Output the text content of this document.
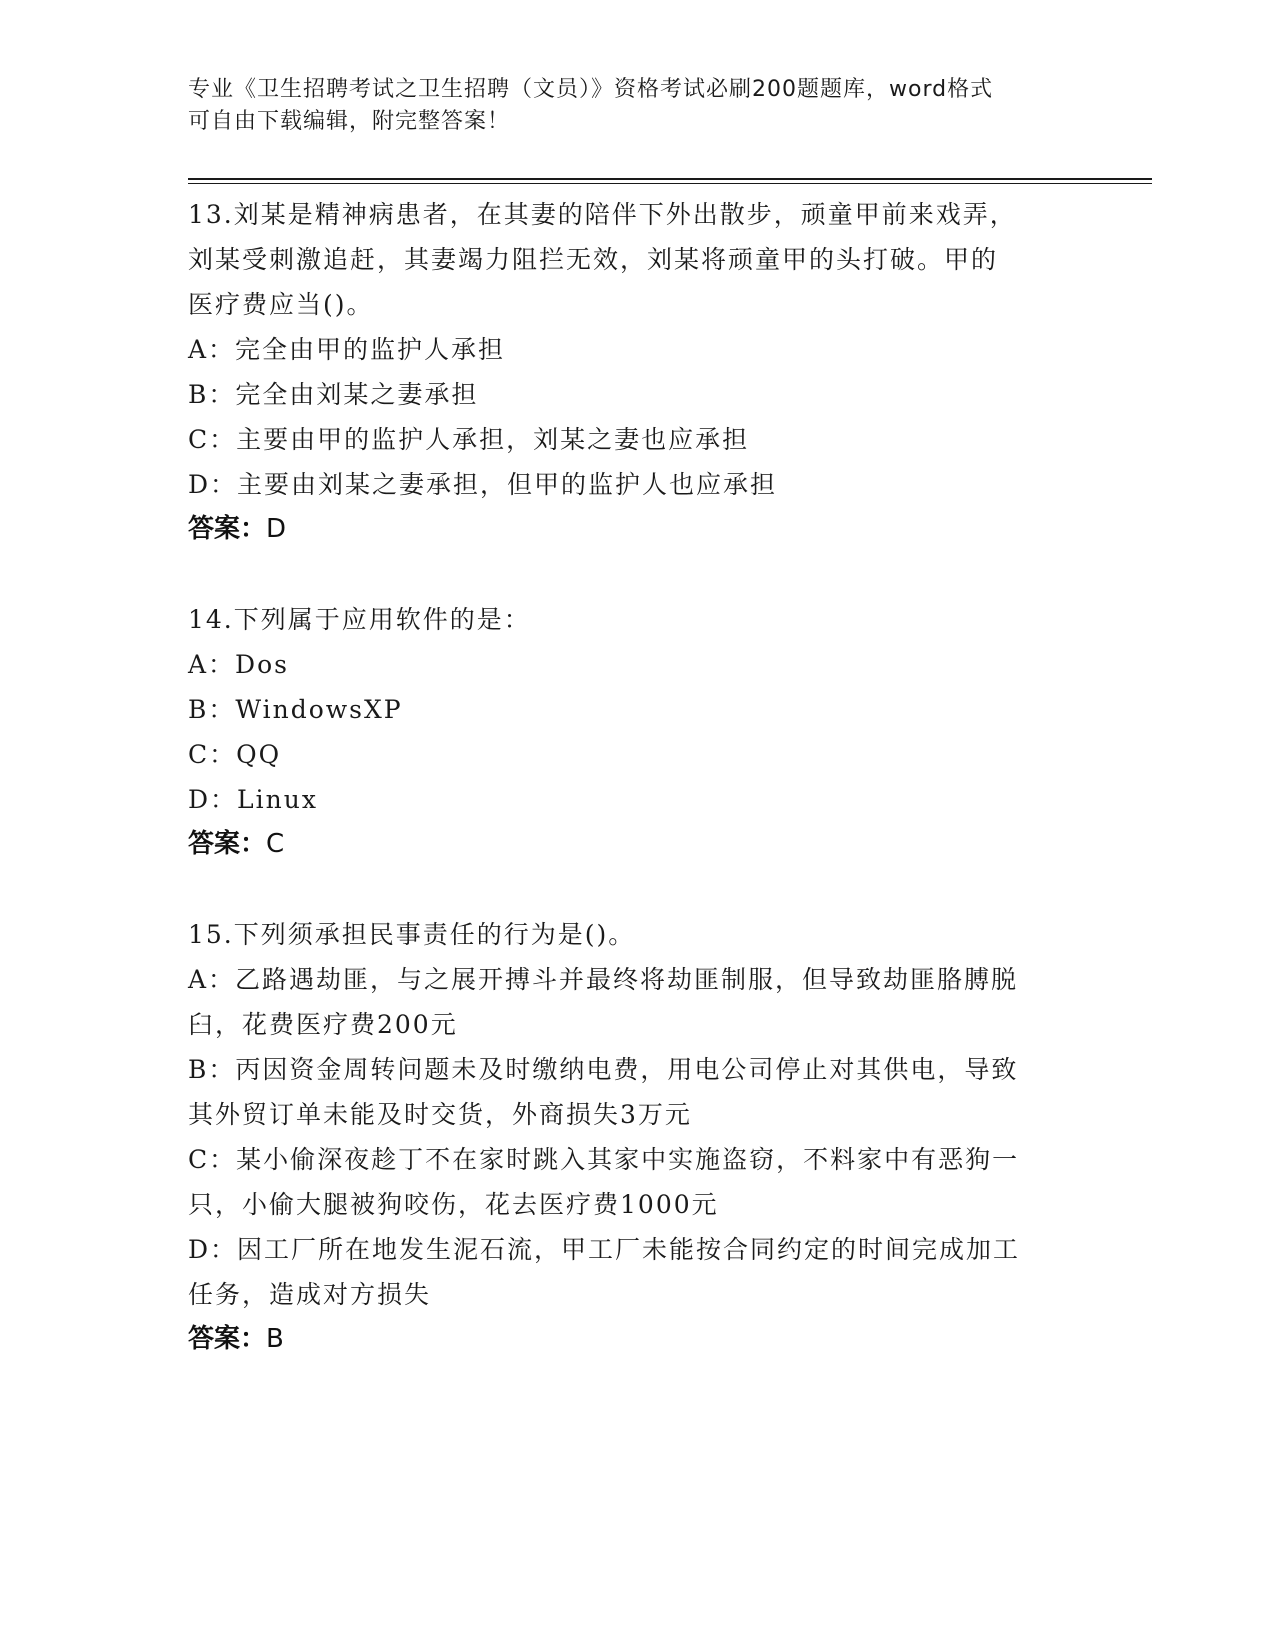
专业《卫生招聘考试之卫生招聘（文员）》资格考试必刷200题题库，word格式
可自由下载编辑，附完整答案！
13.刘某是精神病患者，在其妻的陪伴下外出散步，顽童甲前来戏弄，
刘某受刺激追赶，其妻竭力阻拦无效，刘某将顽童甲的头打破。甲的
医疗费应当()。
A：完全由甲的监护人承担
B：完全由刘某之妻承担
C：主要由甲的监护人承担，刘某之妻也应承担
D：主要由刘某之妻承担，但甲的监护人也应承担
答案：D
14.下列属于应用软件的是：
A：Dos
B：WindowsXP
C：QQ
D：Linux
答案：C
15.下列须承担民事责任的行为是()。
A：乙路遇劫匪，与之展开搏斗并最终将劫匪制服，但导致劫匪胳膊脱
臼，花费医疗费200元
B：丙因资金周转问题未及时缴纳电费，用电公司停止对其供电，导致
其外贸订单未能及时交货，外商损失3万元
C：某小偷深夜趁丁不在家时跳入其家中实施盗窃，不料家中有恶狗一
只，小偷大腿被狗咬伤，花去医疗费1000元
D：因工厂所在地发生泥石流，甲工厂未能按合同约定的时间完成加工
任务，造成对方损失
答案：B
